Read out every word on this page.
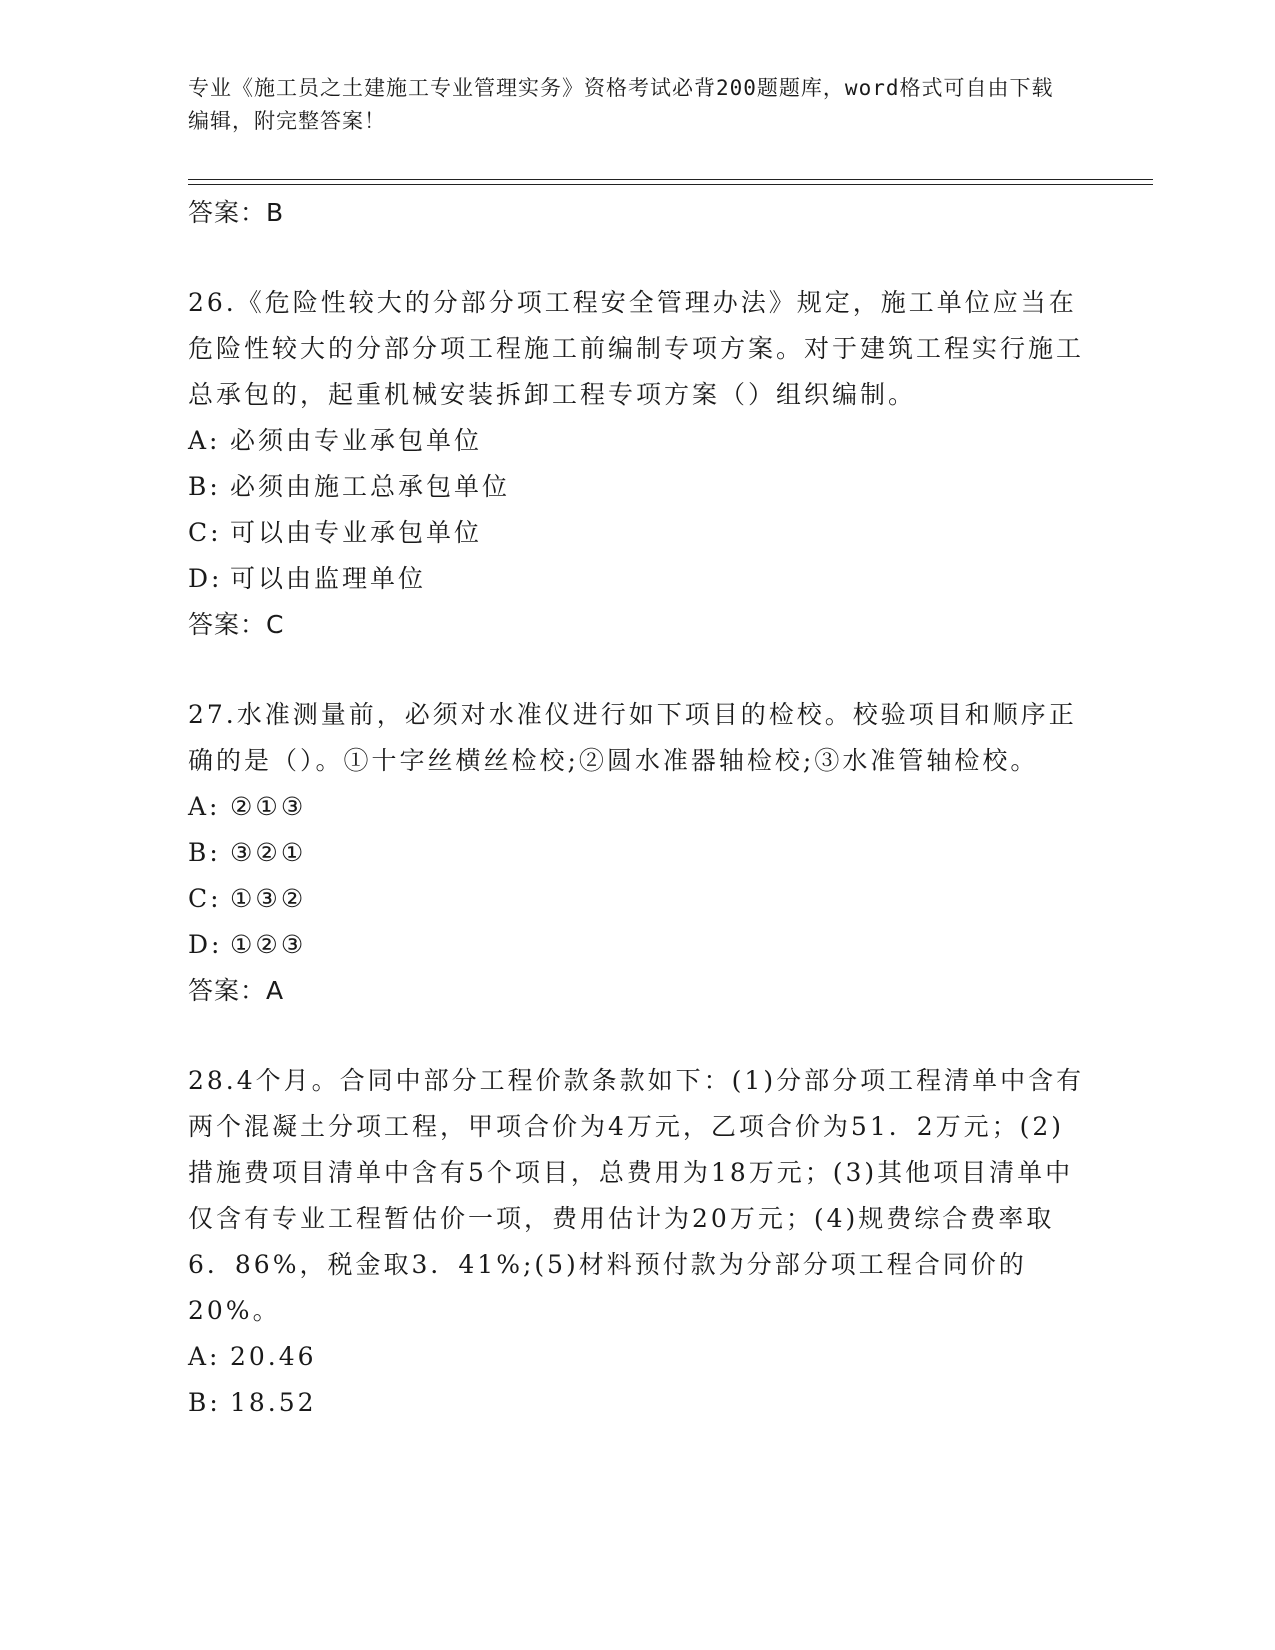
专业《施工员之土建施工专业管理实务》资格考试必背200题题库，word格式可自由下载编辑，附完整答案！
答案：B
26.《危险性较大的分部分项工程安全管理办法》规定，施工单位应当在危险性较大的分部分项工程施工前编制专项方案。对于建筑工程实行施工总承包的，起重机械安装拆卸工程专项方案（）组织编制。
A: 必须由专业承包单位
B: 必须由施工总承包单位
C: 可以由专业承包单位
D: 可以由监理单位
答案：C
27.水准测量前，必须对水准仪进行如下项目的检校。校验项目和顺序正确的是（）。①十字丝横丝检校;②圆水准器轴检校;③水准管轴检校。
A: ②①③
B: ③②①
C: ①③②
D: ①②③
答案：A
28.4个月。合同中部分工程价款条款如下：(1)分部分项工程清单中含有两个混凝土分项工程，甲项合价为4万元，乙项合价为51．2万元；(2)措施费项目清单中含有5个项目，总费用为18万元；(3)其他项目清单中仅含有专业工程暂估价一项，费用估计为20万元；(4)规费综合费率取6．86%，税金取3．41%;(5)材料预付款为分部分项工程合同价的20%。
A: 20.46
B: 18.52
